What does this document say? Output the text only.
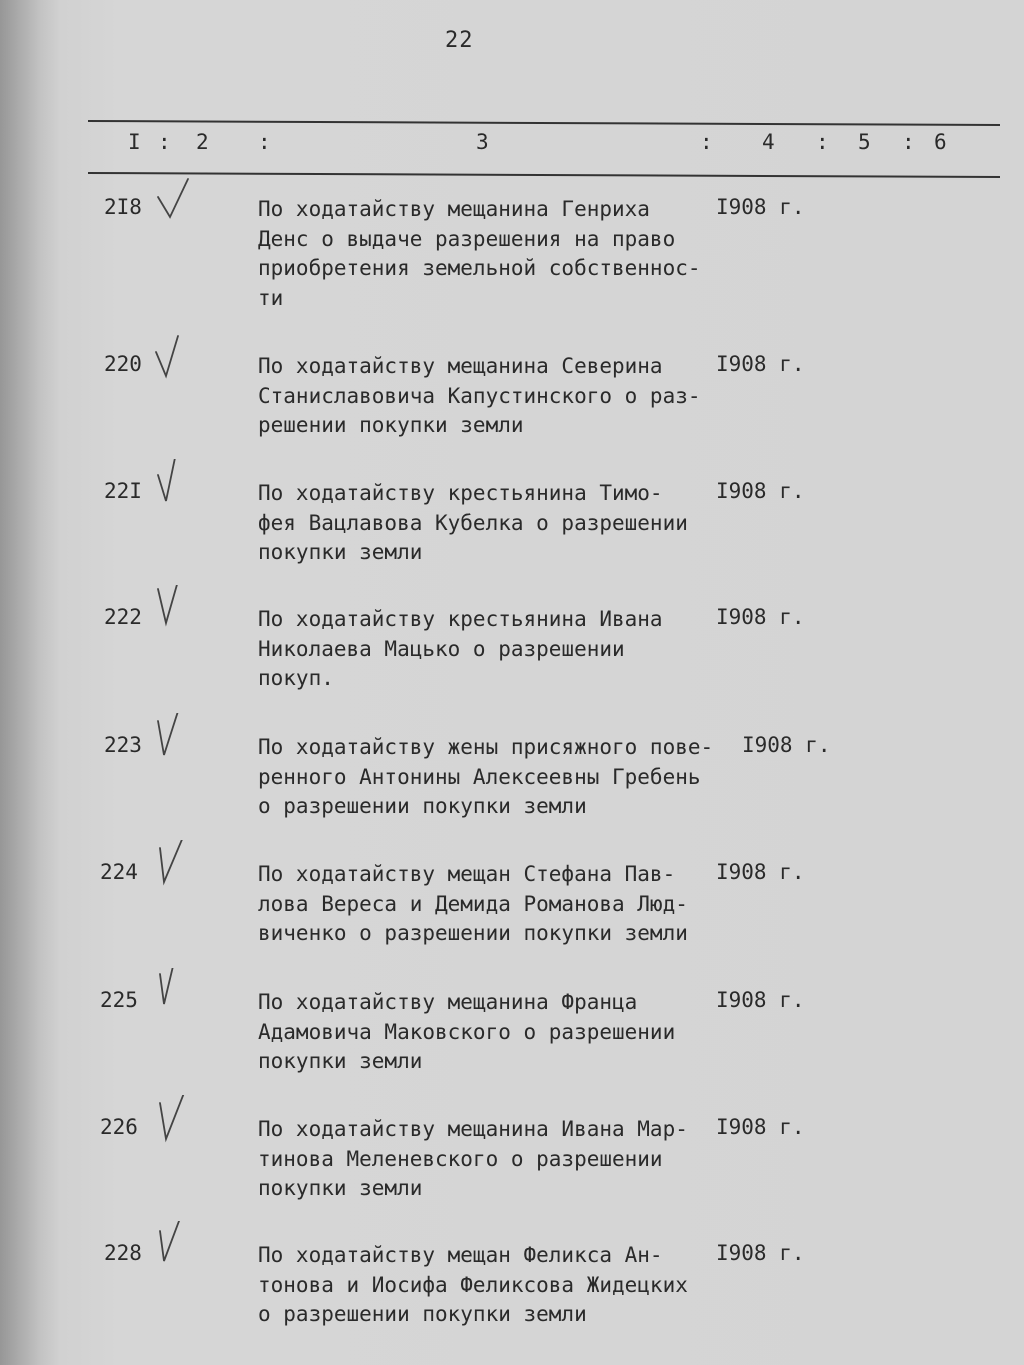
22
I : 2 :	3	: 4 : 5 : 6
2I8	По ходатайству мещанина Генриха
Денс о выдаче разрешения на право
приобретения земельной собственнос-
ти
I908 г.
220	По ходатайству мещанина Северина
Станиславовича Капустинского о раз-
решении покупки земли
I908 г.
22I	По ходатайству крестьянина Тимо-
фея Вацлавова Кубелка о разрешении
покупки земли
I908 г.
222	По ходатайству крестьянина Ивана
Николаева Мацько о разрешении
покуп.
I908 г.
223	По ходатайству жены присяжного пове-
ренного Антонины Алексеевны Гребень
о разрешении покупки земли
I908 г.
224	По ходатайству мещан Стефана Пав-
лова Вереса и Демида Романова Люд-
виченко о разрешении покупки земли
I908 г.
225	По ходатайству мещанина Франца
Адамовича Маковского о разрешении
покупки земли
I908 г.
226	По ходатайству мещанина Ивана Мар-
тинова Меленевского о разрешении
покупки земли
I908 г.
228	По ходатайству мещан Феликса Ан-
тонова и Иосифа Феликсова Жидецких
о разрешении покупки земли
I908 г.
